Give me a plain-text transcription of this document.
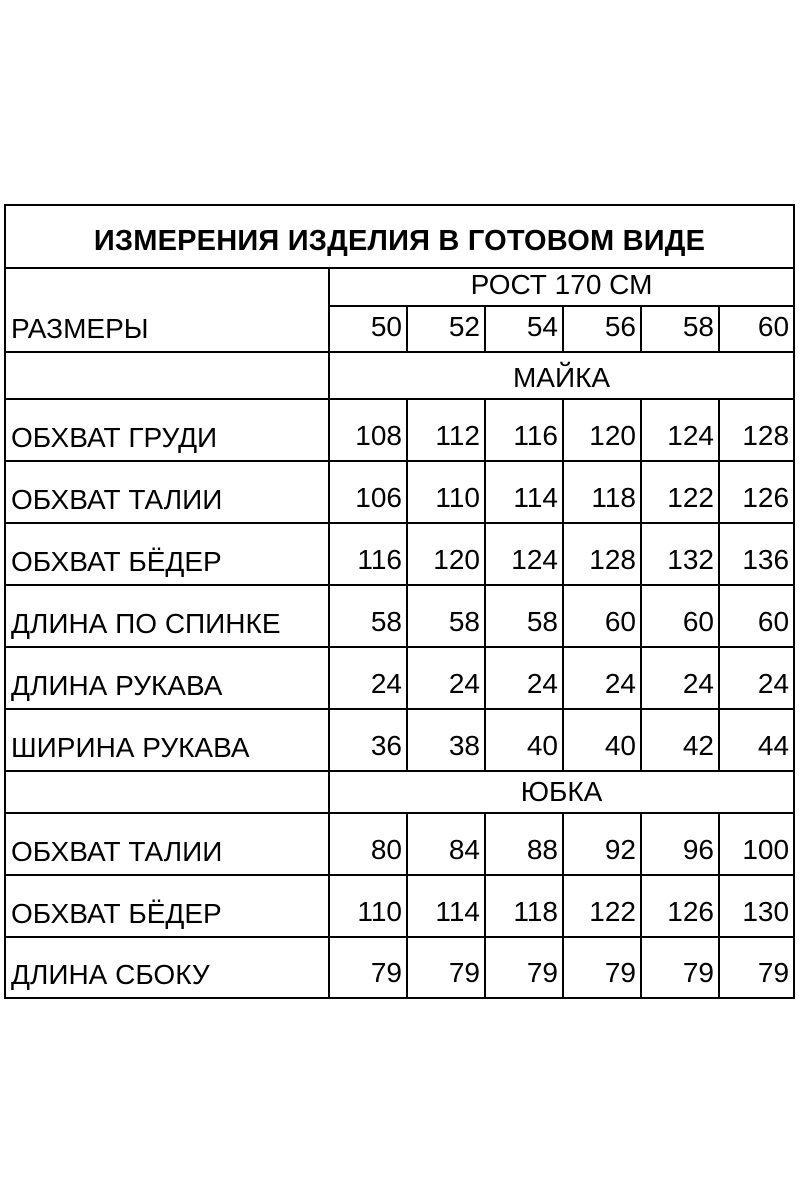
ИЗМЕРЕНИЯ ИЗДЕЛИЯ В ГОТОВОМ ВИДЕ
РАЗМЕРЫ	РОСТ 170 СМ					
	50	52	54	56	58	60
	МАЙКА					
ОБХВАТ ГРУДИ	108	112	116	120	124	128
ОБХВАТ ТАЛИИ	106	110	114	118	122	126
ОБХВАТ БЁДЕР	116	120	124	128	132	136
ДЛИНА ПО СПИНКЕ	58	58	58	60	60	60
ДЛИНА РУКАВА	24	24	24	24	24	24
ШИРИНА РУКАВА	36	38	40	40	42	44
	ЮБКА					
ОБХВАТ ТАЛИИ	80	84	88	92	96	100
ОБХВАТ БЁДЕР	110	114	118	122	126	130
ДЛИНА СБОКУ	79	79	79	79	79	79
